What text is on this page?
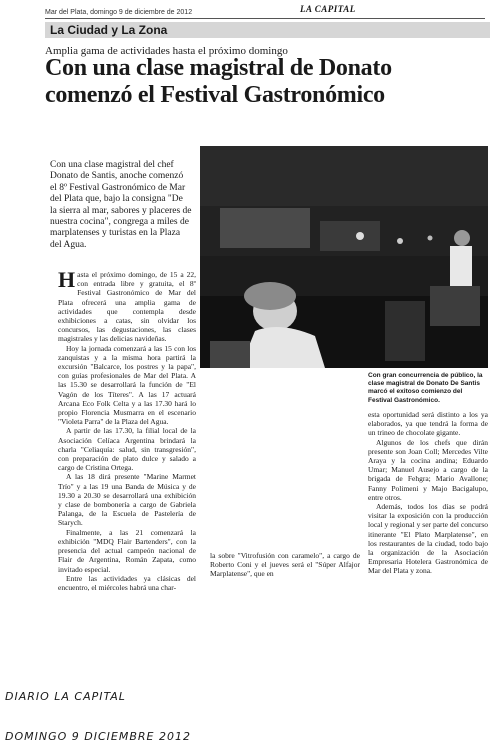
Mar del Plata, domingo 9 de diciembre de 2012	LA CAPITAL
La Ciudad y La Zona
Amplia gama de actividades hasta el próximo domingo
Con una clase magistral de Donato comenzó el Festival Gastronómico
Con una clase magistral del chef Donato de Santis, anoche comenzó el 8º Festival Gastronómico de Mar del Plata que, bajo la consigna "De la sierra al mar, sabores y placeres de nuestra cocina", congrega a miles de marplatenses y turistas en la Plaza del Agua.
Con gran concurrencia de público, la clase magistral de Donato De Santis marcó el exitoso comienzo del Festival Gastronómico.

Hasta el próximo domingo, de 15 a 22, con entrada libre y gratuita, el 8º Festival Gastronómico de Mar del Plata ofrecerá una amplia gama de actividades que contempla desde exhibiciones a catas, sin olvidar los concursos, las degustaciones, las clases magistrales y las delicias navideñas.

Hoy la jornada comenzará a las 15 con los zanquistas y a la misma hora partirá la excursión "Balcarce, los postres y la papa", con guías profesionales de Mar del Plata. A las 15.30 se desarrollará la función de "El Vagón de los Títeres". A las 17 actuará Arcana Eco Folk Celta y a las 17.30 hará lo propio Florencia Musmarra en el escenario "Violeta Parra" de la Plaza del Agua.

A partir de las 17.30, la filial local de la Asociación Celíaca Argentina brindará la charla "Celiaquía: salud, sin transgresión", con preparación de plato dulce y salado a cargo de Cristina Ortega.

A las 18 dirá presente "Marine Marmet Trío" y a las 19 una Banda de Música y de 19.30 a 20.30 se desarrollará una exhibición y clase de bombonería a cargo de Gabriela Palanga, de la Escuela de Pastelería de Starych.

Finalmente, a las 21 comenzará la exhibición "MDQ Flair Bartenders", con la presencia del actual campeón nacional de Flair de Argentina, Román Zapata, como invitado especial.

Entre las actividades ya clásicas del encuentro, el miércoles habrá una char-

la sobre "Vitrofusión con caramelo", a cargo de Roberto Coni y el jueves será el "Súper Alfajor Marplatense", que en

esta oportunidad será distinto a los ya elaborados, ya que tendrá la forma de un trineo de chocolate gigante.

Algunos de los chefs que dirán presente son Joan Coll; Mercedes Vilte Araya y la cocina andina; Eduardo Umar; Manuel Ausejo a cargo de la brigada de Fehgra; Mario Avallone; Fanny Polimeni y Majo Bacigalupo, entre otros.

Además, todos los días se podrá visitar la exposición con la producción local y regional y ser parte del concurso itinerante "El Plato Marplatense", en los restaurantes de la ciudad, todo bajo la organización de la Asociación Empresaria Hotelera Gastronómica de Mar del Plata y zona.

DIARIO LA CAPITAL
DOMINGO 9 DICIEMBRE 2012
